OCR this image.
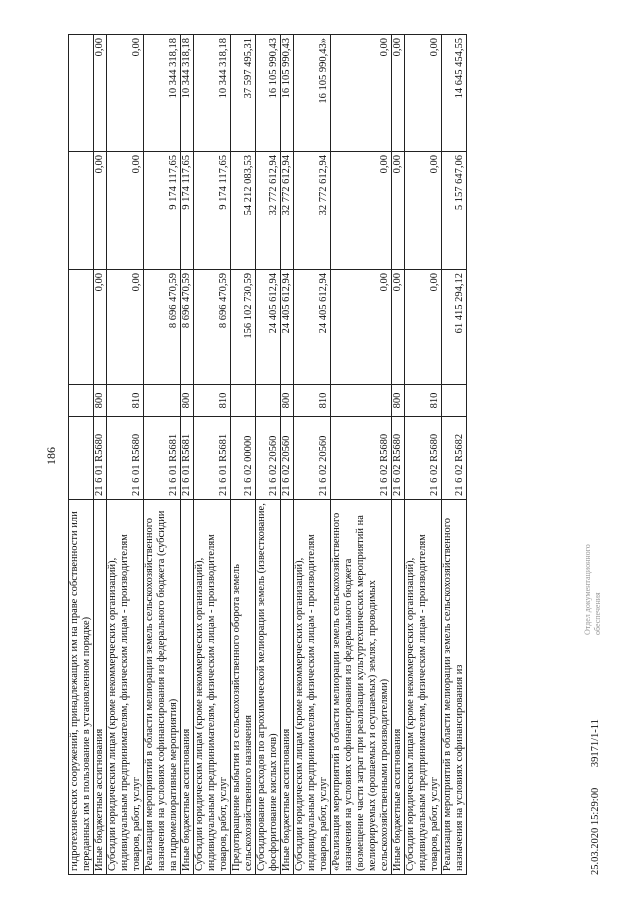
186
гидротехнических сооружений, принадлежащих им на праве собственности или переданных им в пользование в установленном порядке)					
Иные бюджетные ассигнования	21 6 01 R5680	800	0,00	0,00	0,00
Субсидии юридическим лицам (кроме некоммерческих организаций), индивидуальным предпринимателям, физическим лицам - производителям товаров, работ, услуг	21 6 01 R5680	810	0,00	0,00	0,00
Реализация мероприятий в области мелиорации земель сельскохозяйственного назначения на условиях софинансирования из федерального бюджета (субсидии на гидромелиоративные мероприятия)	21 6 01 R5681		8 696 470,59	9 174 117,65	10 344 318,18
Иные бюджетные ассигнования	21 6 01 R5681	800	8 696 470,59	9 174 117,65	10 344 318,18
Субсидии юридическим лицам (кроме некоммерческих организаций), индивидуальным предпринимателям, физическим лицам - производителям товаров, работ, услуг	21 6 01 R5681	810	8 696 470,59	9 174 117,65	10 344 318,18
Предотвращение выбытия из сельскохозяйственного оборота земель сельскохозяйственного назначения	21 6 02 00000		156 102 730,59	54 212 083,53	37 597 495,31
Субсидирование расходов по агрохимической мелиорации земель (известкование, фосфоритование кислых почв)	21 6 02 20560		24 405 612,94	32 772 612,94	16 105 990,43
Иные бюджетные ассигнования	21 6 02 20560	800	24 405 612,94	32 772 612,94	16 105 990,43
Субсидии юридическим лицам (кроме некоммерческих организаций), индивидуальным предпринимателям, физическим лицам - производителям товаров, работ, услуг	21 6 02 20560	810	24 405 612,94	32 772 612,94	16 105 990,43»
«Реализация мероприятий в области мелиорации земель сельскохозяйственного назначения на условиях софинансирования из федерального бюджета (возмещение части затрат при реализации культуртехнических мероприятий на мелиорируемых (орошаемых и осушаемых) землях, проводимых сельскохозяйственными производителями)	21 6 02 R5680		0,00	0,00	0,00
Иные бюджетные ассигнования	21 6 02 R5680	800	0,00	0,00	0,00
Субсидии юридическим лицам (кроме некоммерческих организаций), индивидуальным предпринимателям, физическим лицам - производителям товаров, работ, услуг	21 6 02 R5680	810	0,00	0,00	0,00
Реализация мероприятий в области мелиорации земель сельскохозяйственного назначения на условиях софинансирования из	21 6 02 R5682		61 415 294,12	5 157 647,06	14 645 454,55
Отдел документационного обеспечения
25.03.2020 15:29:00 39171/1-11
